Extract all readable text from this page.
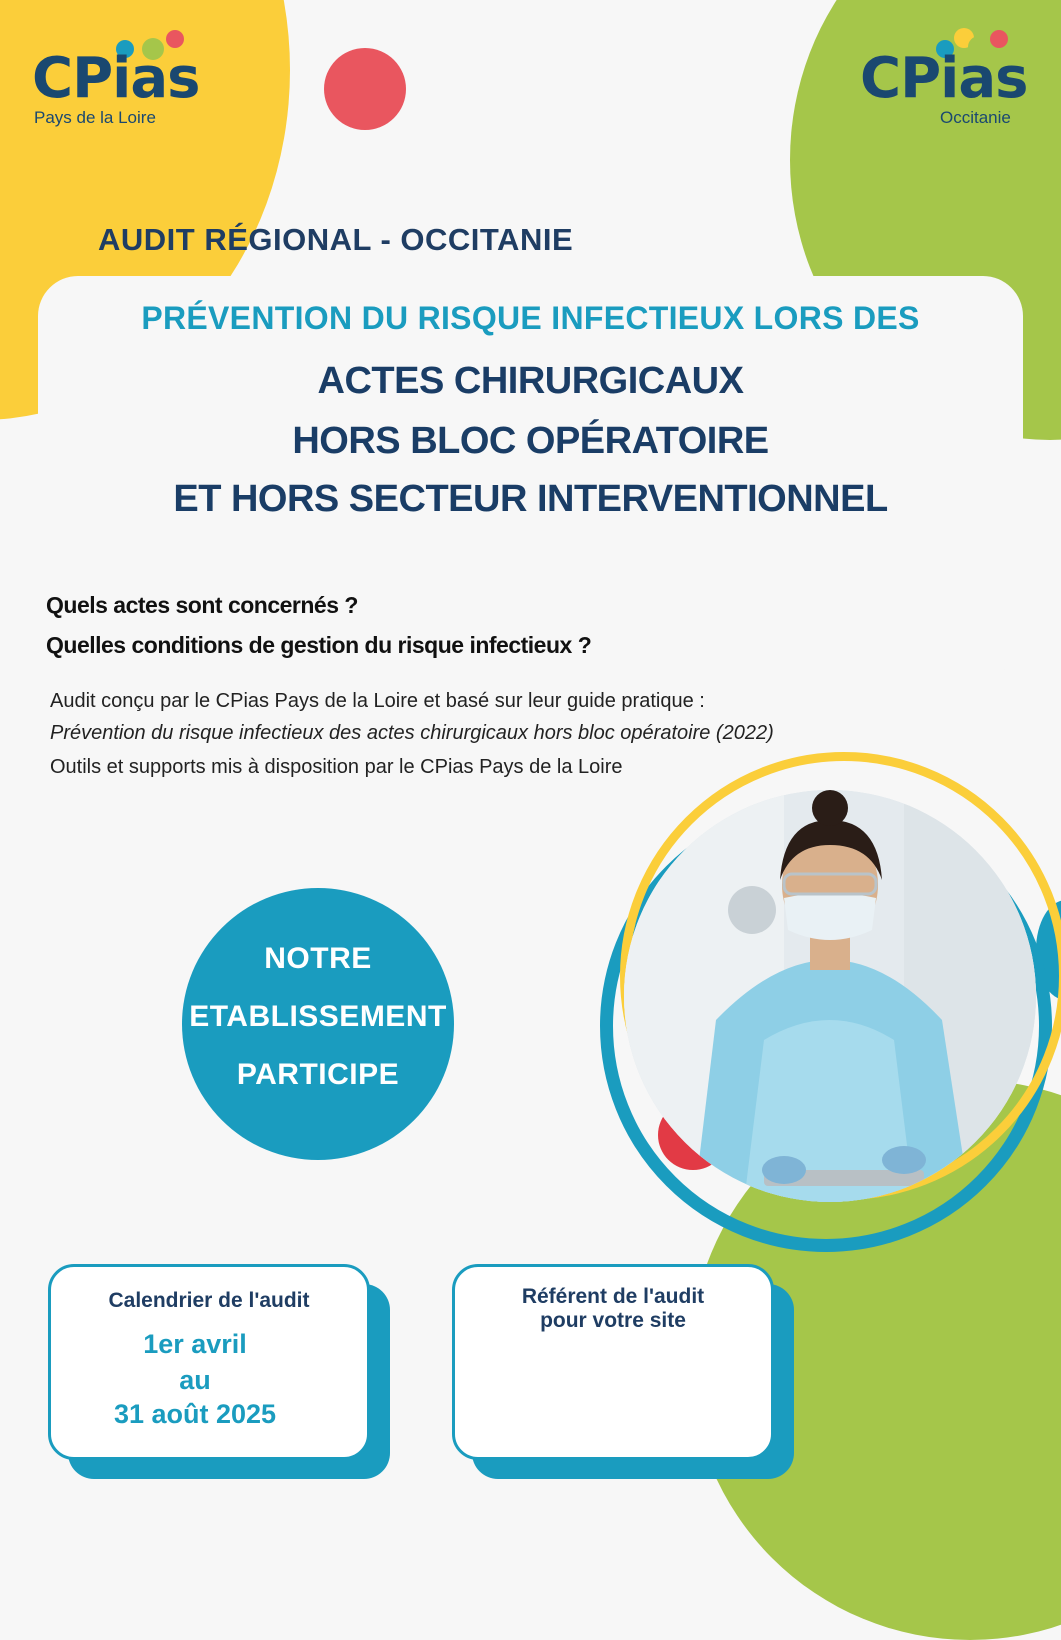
CPias
Pays de la Loire
CPias
Occitanie
AUDIT RÉGIONAL - OCCITANIE
PRÉVENTION DU RISQUE INFECTIEUX LORS DES
ACTES CHIRURGICAUX
HORS BLOC OPÉRATOIRE
ET HORS SECTEUR INTERVENTIONNEL
Quels actes sont concernés ?
Quelles conditions de gestion du risque infectieux ?
Audit conçu par le CPias Pays de la Loire et basé sur leur guide pratique :
Prévention du risque infectieux des actes chirurgicaux hors bloc opératoire (2022)
Outils et supports mis à disposition par le CPias Pays de la Loire
NOTRE
ETABLISSEMENT
PARTICIPE
Calendrier de l'audit
1er avril
au
31 août 2025
Référent de l'audit
pour votre site
